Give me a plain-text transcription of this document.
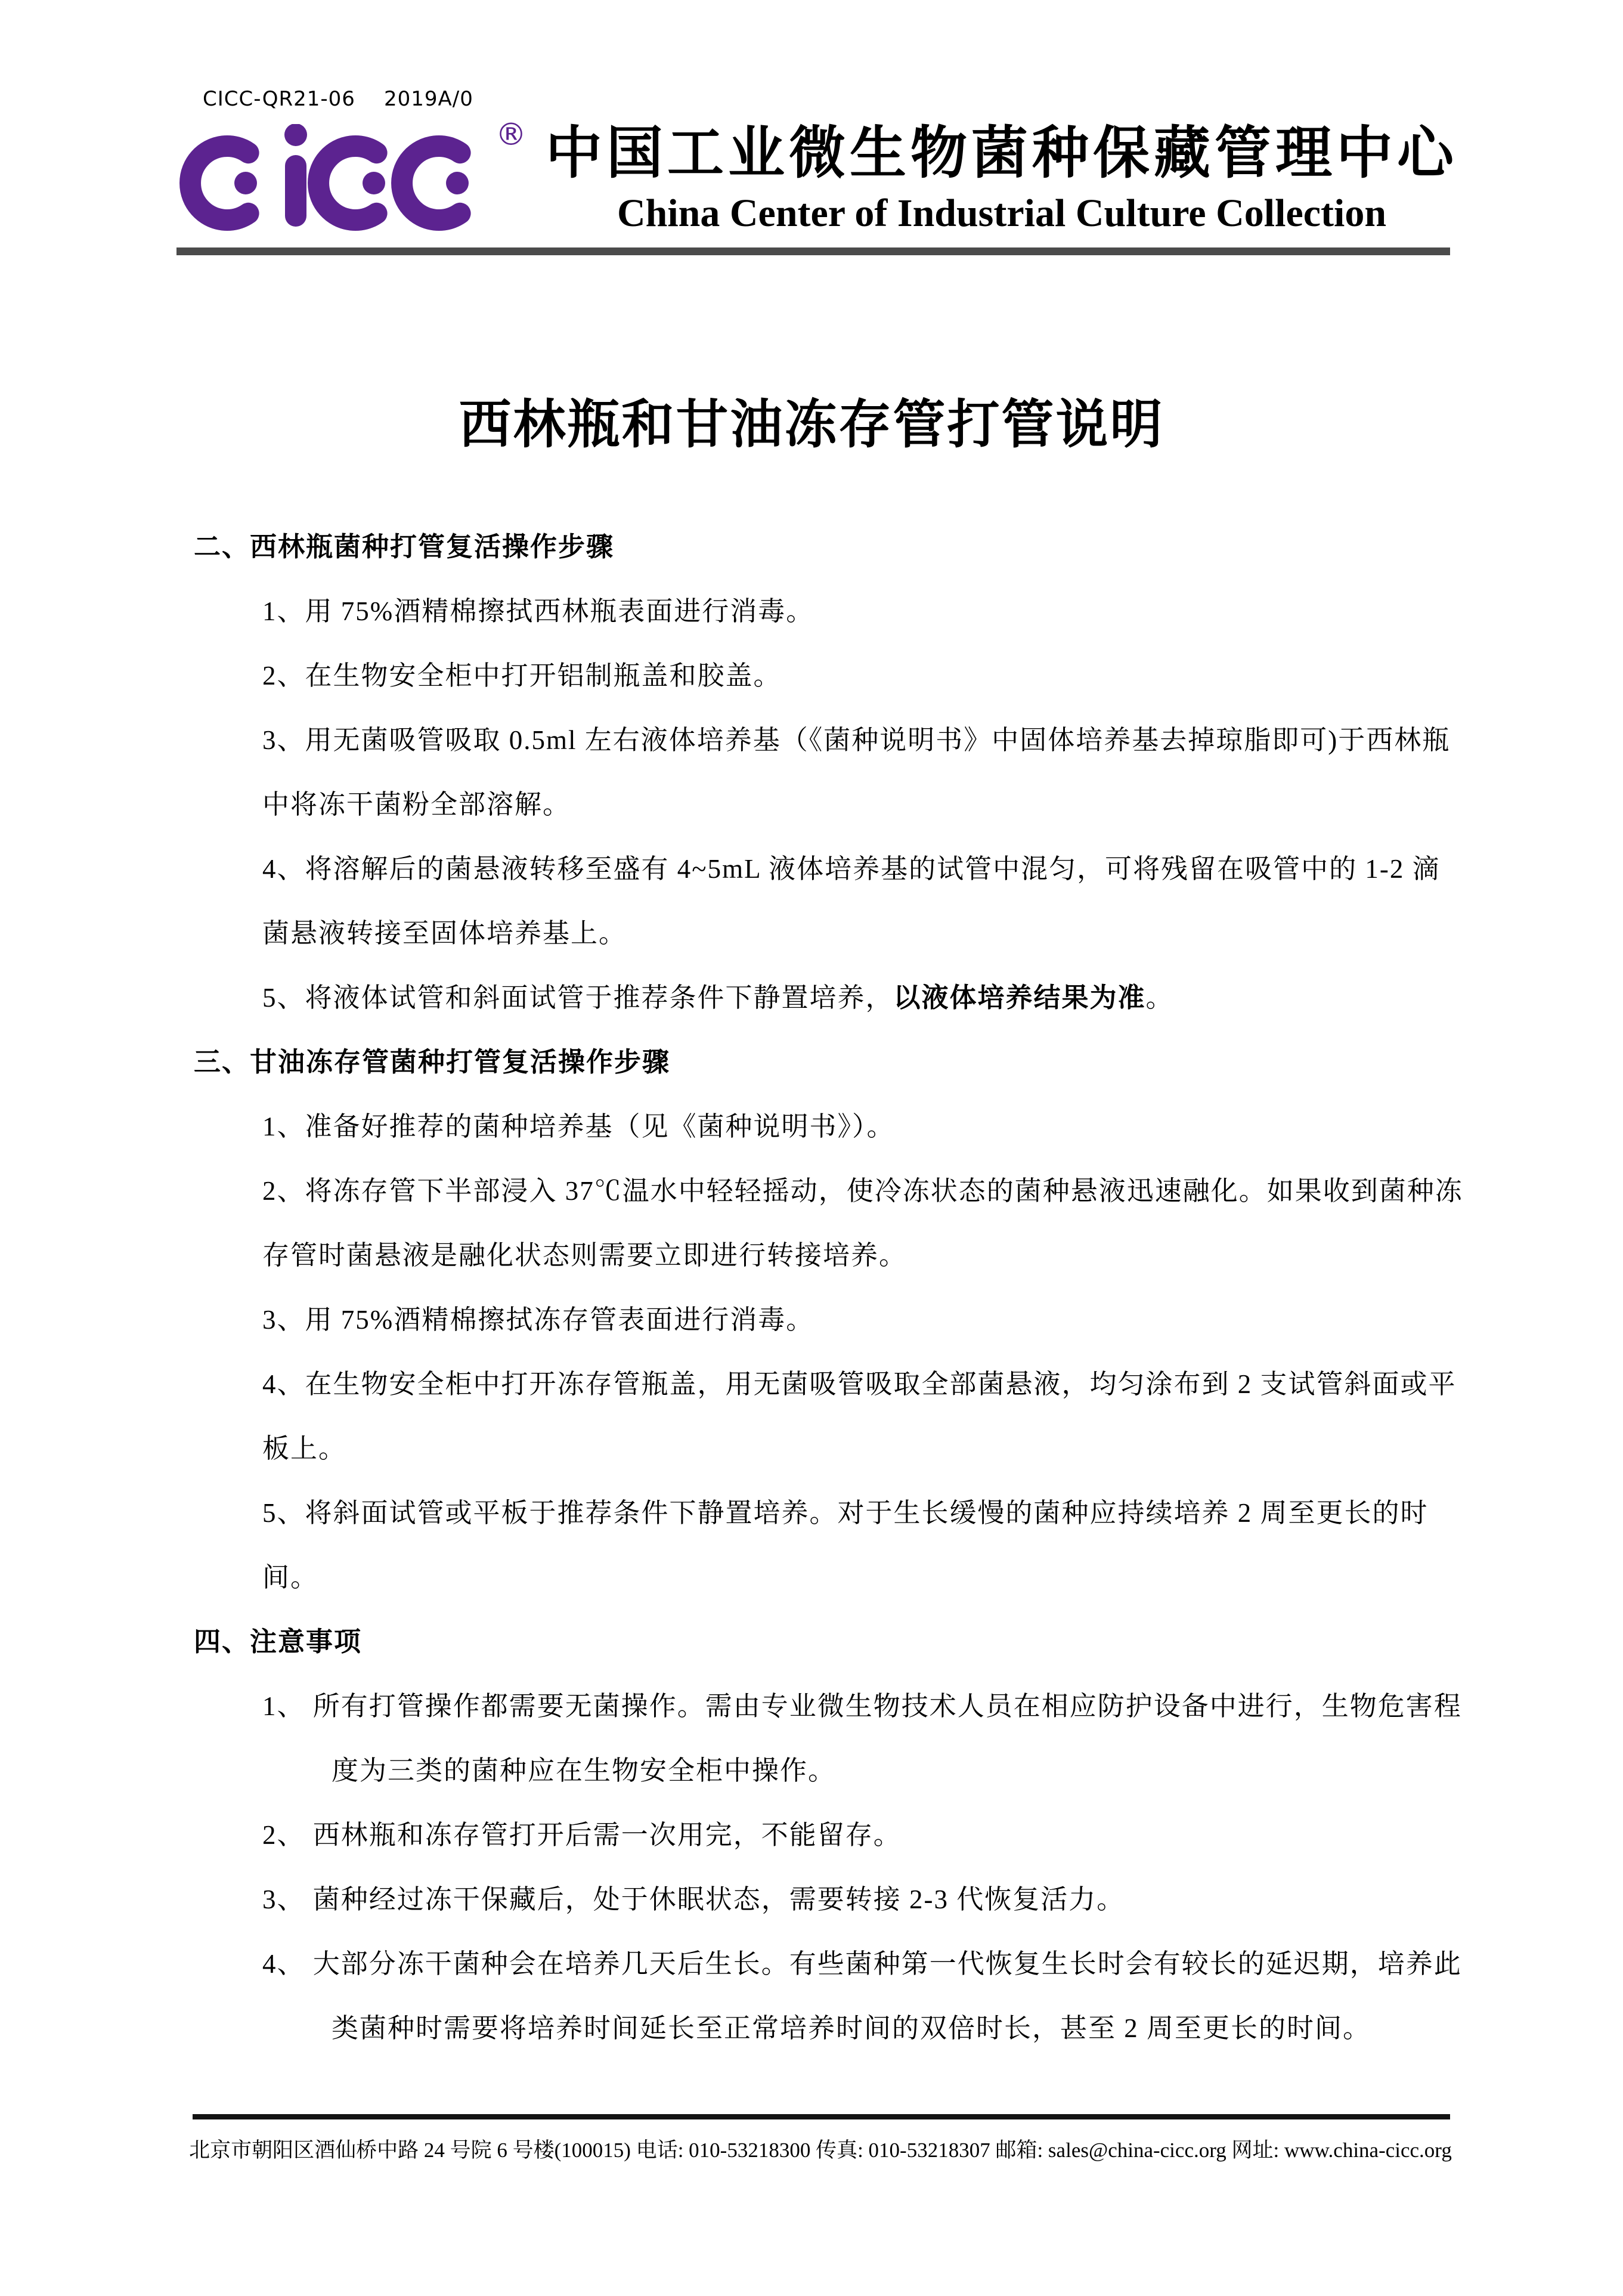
CICC-QR21-06 2019A/0
® 中国工业微生物菌种保藏管理中心
China Center of Industrial Culture Collection
西林瓶和甘油冻存管打管说明
二、西林瓶菌种打管复活操作步骤

1、用 75%酒精棉擦拭西林瓶表面进行消毒。

2、在生物安全柜中打开铝制瓶盖和胶盖。

3、用无菌吸管吸取 0.5ml 左右液体培养基（《菌种说明书》中固体培养基去掉琼脂即可)于西林瓶中将冻干菌粉全部溶解。

4、将溶解后的菌悬液转移至盛有 4~5mL 液体培养基的试管中混匀，可将残留在吸管中的 1-2 滴菌悬液转接至固体培养基上。

5、将液体试管和斜面试管于推荐条件下静置培养，以液体培养结果为准。

三、甘油冻存管菌种打管复活操作步骤

1、准备好推荐的菌种培养基（见《菌种说明书》）。

2、将冻存管下半部浸入 37℃温水中轻轻摇动，使冷冻状态的菌种悬液迅速融化。如果收到菌种冻存管时菌悬液是融化状态则需要立即进行转接培养。

3、用 75%酒精棉擦拭冻存管表面进行消毒。

4、在生物安全柜中打开冻存管瓶盖，用无菌吸管吸取全部菌悬液，均匀涂布到 2 支试管斜面或平板上。

5、将斜面试管或平板于推荐条件下静置培养。对于生长缓慢的菌种应持续培养 2 周至更长的时间。

四、注意事项

1、 所有打管操作都需要无菌操作。需由专业微生物技术人员在相应防护设备中进行，生物危害程度为三类的菌种应在生物安全柜中操作。

2、 西林瓶和冻存管打开后需一次用完，不能留存。

3、 菌种经过冻干保藏后，处于休眠状态，需要转接 2-3 代恢复活力。

4、 大部分冻干菌种会在培养几天后生长。有些菌种第一代恢复生长时会有较长的延迟期，培养此类菌种时需要将培养时间延长至正常培养时间的双倍时长，甚至 2 周至更长的时间。

北京市朝阳区酒仙桥中路 24 号院 6 号楼(100015) 电话: 010-53218300 传真: 010-53218307 邮箱: sales@china-cicc.org 网址: www.china-cicc.org
